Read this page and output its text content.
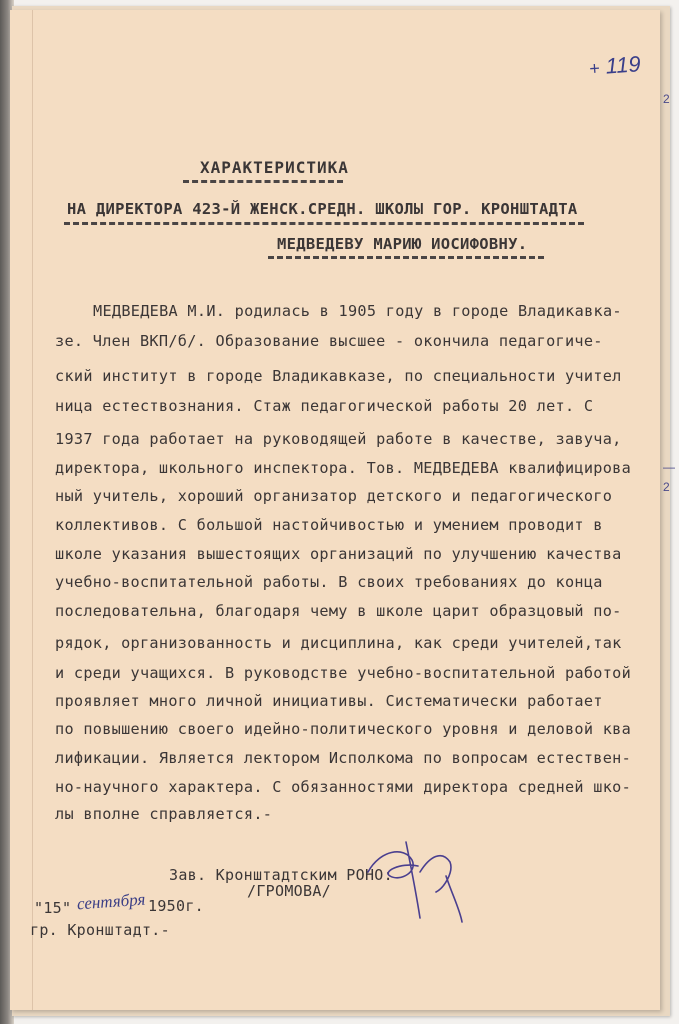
+ 119
2
—
2
ХАРАКТЕРИСТИКА
НА ДИРЕКТОРА 423-Й ЖЕНСК.СРЕДН. ШКОЛЫ ГОР. КРОНШТАДТА
МЕДВЕДЕВУ МАРИЮ ИОСИФОВНУ.
МЕДВЕДЕВА М.И. родилась в 1905 году в городе Владикавка-
зе. Член ВКП/б/. Образование высшее - окончила педагогиче-
ский институт в городе Владикавказе, по специальности учител
ница естествознания. Стаж педагогической работы 20 лет. С
1937 года работает на руководящей работе в качестве, завуча,
директора, школьного инспектора. Тов. МЕДВЕДЕВА квалифицирова
ный учитель, хороший организатор детского и педагогического
коллективов. С большой настойчивостью и умением проводит в
школе указания вышестоящих организаций по улучшению качества
учебно-воспитательной работы. В своих требованиях до конца
последовательна, благодаря чему в школе царит образцовый по-
рядок, организованность и дисциплина, как среди учителей,так
и среди учащихся. В руководстве учебно-воспитательной работой
проявляет много личной инициативы. Систематически работает
по повышению своего идейно-политического уровня и деловой ква
лификации. Является лектором Исполкома по вопросам естествен-
но-научного характера. С обязанностями директора средней шко-
лы вполне справляется.-
Зав. Кронштадтским РОНО:
/ГРОМОВА/
"15" сентября 1950г.
гр. Кронштадт.-
